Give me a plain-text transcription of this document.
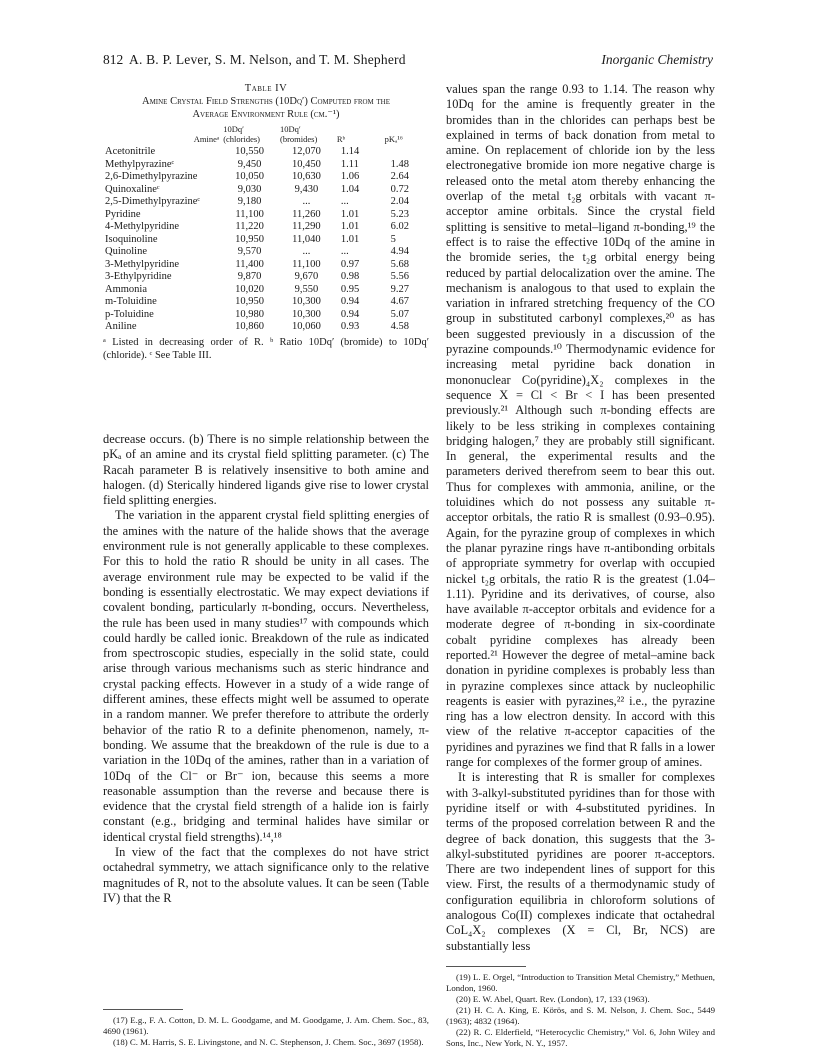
812 A. B. P. Lever, S. M. Nelson, and T. M. Shepherd	Inorganic Chemistry
Table IV
Amine Crystal Field Strengths (10Dq′) Computed from the
Average Environment Rule (cm.⁻¹)
Amineᵃ	10Dq′ (chlorides)	10Dq′ (bromides)	Rᵇ	pKₐ¹⁶
Acetonitrile	10,550	12,070	1.14	
Methylpyrazineᶜ	9,450	10,450	1.11	1.48
2,6-Dimethylpyrazine	10,050	10,630	1.06	2.64
Quinoxalineᶜ	9,030	9,430	1.04	0.72
2,5-Dimethylpyrazineᶜ	9,180	...	...	2.04
Pyridine	11,100	11,260	1.01	5.23
4-Methylpyridine	11,220	11,290	1.01	6.02
Isoquinoline	10,950	11,040	1.01	5
Quinoline	9,570	...	...	4.94
3-Methylpyridine	11,400	11,100	0.97	5.68
3-Ethylpyridine	9,870	9,670	0.98	5.56
Ammonia	10,020	9,550	0.95	9.27
m-Toluidine	10,950	10,300	0.94	4.67
p-Toluidine	10,980	10,300	0.94	5.07
Aniline	10,860	10,060	0.93	4.58
ᵃ Listed in decreasing order of R. ᵇ Ratio 10Dq′ (bromide) to 10Dq′ (chloride). ᶜ See Table III.

decrease occurs. (b) There is no simple relationship between the pKₐ of an amine and its crystal field splitting parameter. (c) The Racah parameter B is relatively insensitive to both amine and halogen. (d) Sterically hindered ligands give rise to lower crystal field splitting energies.

The variation in the apparent crystal field splitting energies of the amines with the nature of the halide shows that the average environment rule is not generally applicable to these complexes. For this to hold the ratio R should be unity in all cases. The average environment rule may be expected to be valid if the bonding is essentially electrostatic. We may expect deviations if covalent bonding, particularly π-bonding, occurs. Nevertheless, the rule has been used in many studies¹⁷ with compounds which could hardly be called ionic. Breakdown of the rule as indicated from spectroscopic studies, especially in the solid state, could arise through various mechanisms such as steric hindrance and crystal packing effects. However in a study of a wide range of different amines, these effects might well be assumed to operate in a random manner. We prefer therefore to attribute the orderly behavior of the ratio R to a definite phenomenon, namely, π-bonding. We assume that the breakdown of the rule is due to a variation in the 10Dq of the amines, rather than in a variation of 10Dq of the Cl⁻ or Br⁻ ion, because this seems a more reasonable assumption than the reverse and because there is evidence that the crystal field strength of a halide ion is fairly constant (e.g., bridging and terminal halides have similar or identical crystal field strengths).¹⁴,¹⁸

In view of the fact that the complexes do not have strict octahedral symmetry, we attach significance only to the relative magnitudes of R, not to the absolute values. It can be seen (Table IV) that the R

values span the range 0.93 to 1.14. The reason why 10Dq for the amine is frequently greater in the bromides than in the chlorides can perhaps best be explained in terms of back donation from metal to amine. On replacement of chloride ion by the less electronegative bromide ion more negative charge is released onto the metal atom thereby enhancing the overlap of the metal t₂g orbitals with vacant π-acceptor amine orbitals. Since the crystal field splitting is sensitive to metal–ligand π-bonding,¹⁹ the effect is to raise the effective 10Dq of the amine in the bromide series, the t₂g orbital energy being reduced by partial delocalization over the amine. The mechanism is analogous to that used to explain the variation in infrared stretching frequency of the CO group in substituted carbonyl complexes,²⁰ as has been suggested previously in a discussion of the pyrazine compounds.¹⁰ Thermodynamic evidence for increasing metal pyridine back donation in mononuclear Co(pyridine)₄X₂ complexes in the sequence X = Cl < Br < I has been presented previously.²¹ Although such π-bonding effects are likely to be less striking in complexes containing bridging halogen,⁷ they are probably still significant. In general, the experimental results and the parameters derived therefrom seem to bear this out. Thus for complexes with ammonia, aniline, or the toluidines which do not possess any suitable π-acceptor orbitals, the ratio R is smallest (0.93–0.95). Again, for the pyrazine group of complexes in which the planar pyrazine rings have π-antibonding orbitals of appropriate symmetry for overlap with occupied nickel t₂g orbitals, the ratio R is the greatest (1.04–1.11). Pyridine and its derivatives, of course, also have available π-acceptor orbitals and evidence for a moderate degree of π-bonding in six-coordinate cobalt pyridine complexes has already been reported.²¹ However the degree of metal–amine back donation in pyridine complexes is probably less than in pyrazine complexes since attack by nucleophilic reagents is easier with pyrazines,²² i.e., the pyrazine ring has a low electron density. In accord with this view of the relative π-acceptor capacities of the pyridines and pyrazines we find that R falls in a lower range for complexes of the former group of amines.

It is interesting that R is smaller for complexes with 3-alkyl-substituted pyridines than for those with pyridine itself or with 4-substituted pyridines. In terms of the proposed correlation between R and the degree of back donation, this suggests that the 3-alkyl-substituted pyridines are poorer π-acceptors. There are two independent lines of support for this view. First, the results of a thermodynamic study of configuration equilibria in chloroform solutions of analogous Co(II) complexes indicate that octahedral CoL₄X₂ complexes (X = Cl, Br, NCS) are substantially less

(17) E.g., F. A. Cotton, D. M. L. Goodgame, and M. Goodgame, J. Am. Chem. Soc., 83, 4690 (1961).
(18) C. M. Harris, S. E. Livingstone, and N. C. Stephenson, J. Chem. Soc., 3697 (1958).
(19) L. E. Orgel, “Introduction to Transition Metal Chemistry,” Methuen, London, 1960.
(20) E. W. Abel, Quart. Rev. (London), 17, 133 (1963).
(21) H. C. A. King, E. Körös, and S. M. Nelson, J. Chem. Soc., 5449 (1963); 4832 (1964).
(22) R. C. Elderfield, “Heterocyclic Chemistry,” Vol. 6, John Wiley and Sons, Inc., New York, N. Y., 1957.
